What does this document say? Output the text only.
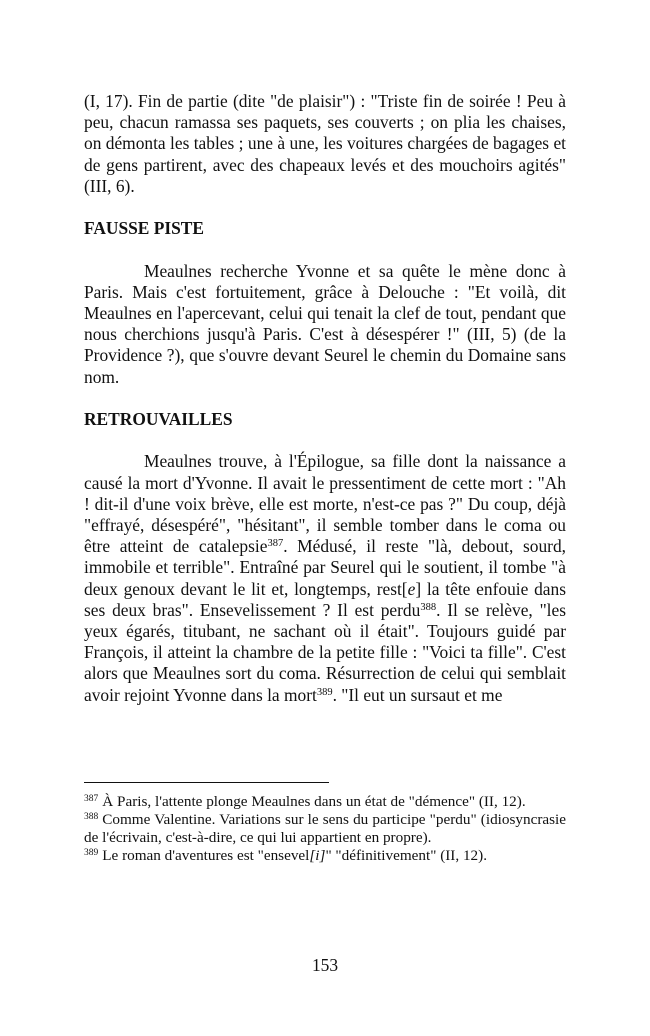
(I, 17). Fin de partie (dite "de plaisir") : "Triste fin de soirée ! Peu à peu, chacun ramassa ses paquets, ses couverts ; on plia les chaises, on démonta les tables ; une à une, les voitures chargées de bagages et de gens partirent, avec des chapeaux levés et des mouchoirs agités" (III, 6).

FAUSSE PISTE

Meaulnes recherche Yvonne et sa quête le mène donc à Paris. Mais c'est fortuitement, grâce à Delouche : "Et voilà, dit Meaulnes en l'apercevant, celui qui tenait la clef de tout, pendant que nous cherchions jusqu'à Paris. C'est à désespérer !" (III, 5) (de la Providence ?), que s'ouvre devant Seurel le chemin du Domaine sans nom.

RETROUVAILLES

Meaulnes trouve, à l'Épilogue, sa fille dont la naissance a causé la mort d'Yvonne. Il avait le pressentiment de cette mort : "Ah ! dit-il d'une voix brève, elle est morte, n'est-ce pas ?" Du coup, déjà "effrayé, désespéré", "hésitant", il semble tomber dans le coma ou être atteint de catalepsie$^{387}$. Médusé, il reste "là, debout, sourd, immobile et terrible". Entraîné par Seurel qui le soutient, il tombe "à deux genoux devant le lit et, longtemps, rest[e] la tête enfouie dans ses deux bras". Ensevelissement ? Il est perdu$^{388}$. Il se relève, "les yeux égarés, titubant, ne sachant où il était". Toujours guidé par François, il atteint la chambre de la petite fille : "Voici ta fille". C'est alors que Meaulnes sort du coma. Résurrection de celui qui semblait avoir rejoint Yvonne dans la mort$^{389}$. "Il eut un sursaut et me

$^{387}$ À Paris, l'attente plonge Meaulnes dans un état de "démence" (II, 12).

$^{388}$ Comme Valentine. Variations sur le sens du participe "perdu" (idiosyncrasie de l'écrivain, c'est-à-dire, ce qui lui appartient en propre).

$^{389}$ Le roman d'aventures est "ensevel[i]" "définitivement" (II, 12).

153
